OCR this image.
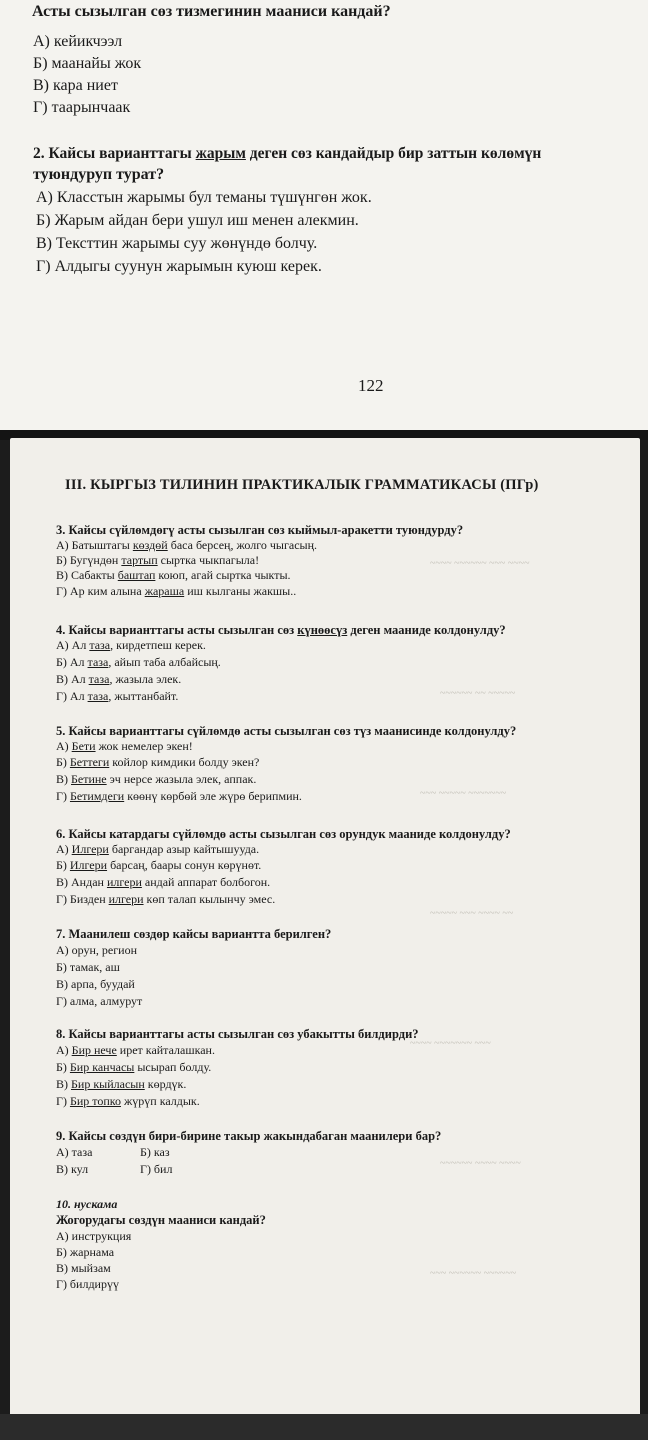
Асты сызылган сөз тизмегинин мааниси кандай?
А) кейикчээл
Б) маанайы жок
В) кара ниет
Г) таарынчаак
2. Кайсы варианттагы жарым деген сөз кандайдыр бир заттын көлөмүн
туюндуруп турат?
А) Класстын жарымы бул теманы түшүнгөн жок.
Б) Жарым айдан бери ушул иш менен алекмин.
В) Тексттин жарымы суу жөнүндө болчу.
Г) Алдыгы суунун жарымын куюш керек.
122
~~~~ ~~~~~~ ~~~ ~~~~
~~~~~~ ~~ ~~~~~
~~~ ~~~~~ ~~~~~~~
~~~~~ ~~~ ~~~~ ~~
~~~~ ~~~~~~~ ~~~
~~~~~~ ~~~~ ~~~~
~~~ ~~~~~~ ~~~~~~
III. КЫРГЫЗ ТИЛИНИН ПРАКТИКАЛЫК ГРАММАТИКАСЫ (ПГр)
3. Кайсы сүйлөмдөгү асты сызылган сөз кыймыл-аракетти туюндурду?
А) Батыштагы көздөй баса берсең, жолго чыгасың.
Б) Бугүндөн тартып сыртка чыкпагыла!
В) Сабакты баштап коюп, агай сыртка чыкты.
Г) Ар ким алына жараша иш кылганы жакшы..
4. Кайсы варианттагы асты сызылган сөз күнөөсүз деген маанидe колдонулду?
А) Ал таза, кирдетпеш керек.
Б) Ал таза, айып таба албайсың.
В) Ал таза, жазыла элек.
Г) Ал таза, жыттанбайт.
5. Кайсы варианттагы сүйлөмдө асты сызылган сөз түз маанисинде колдонулду?
А) Бети жок немелер экен!
Б) Беттеги койлор кимдики болду экен?
В) Бетине эч нерсе жазыла элек, аппак.
Г) Бетимдеги көөнү көрбөй эле жүрө берипмин.
6. Кайсы катардагы сүйлөмдө асты сызылган сөз орундук маанидe колдонулду?
А) Илгери баргандар азыр кайтышууда.
Б) Илгери барсаң, баары сонун көрүнөт.
В) Андан илгери андай аппарат болбогон.
Г) Бизден илгери көп талап кылынчу эмес.
7. Маанилеш сөздөр кайсы вариантта берилген?
А) орун, регион
Б) тамак, аш
В) арпа, буудай
Г) алма, алмурут
8. Кайсы варианттагы асты сызылган сөз убакытты билдирди?
А) Бир нече ирет кайталашкан.
Б) Бир канчасы ысырап болду.
В) Бир кыйласын көрдүк.
Г) Бир топко жүрүп калдык.
9. Кайсы сөздүн бири-бирине такыр жакындабаган маанилери бар?
А) таза	Б) каз
В) кул	Г) бил
10. нускама
Жогорудагы сөздүн мааниси кандай?
А) инструкция
Б) жарнама
В) мыйзам
Г) билдирүү
